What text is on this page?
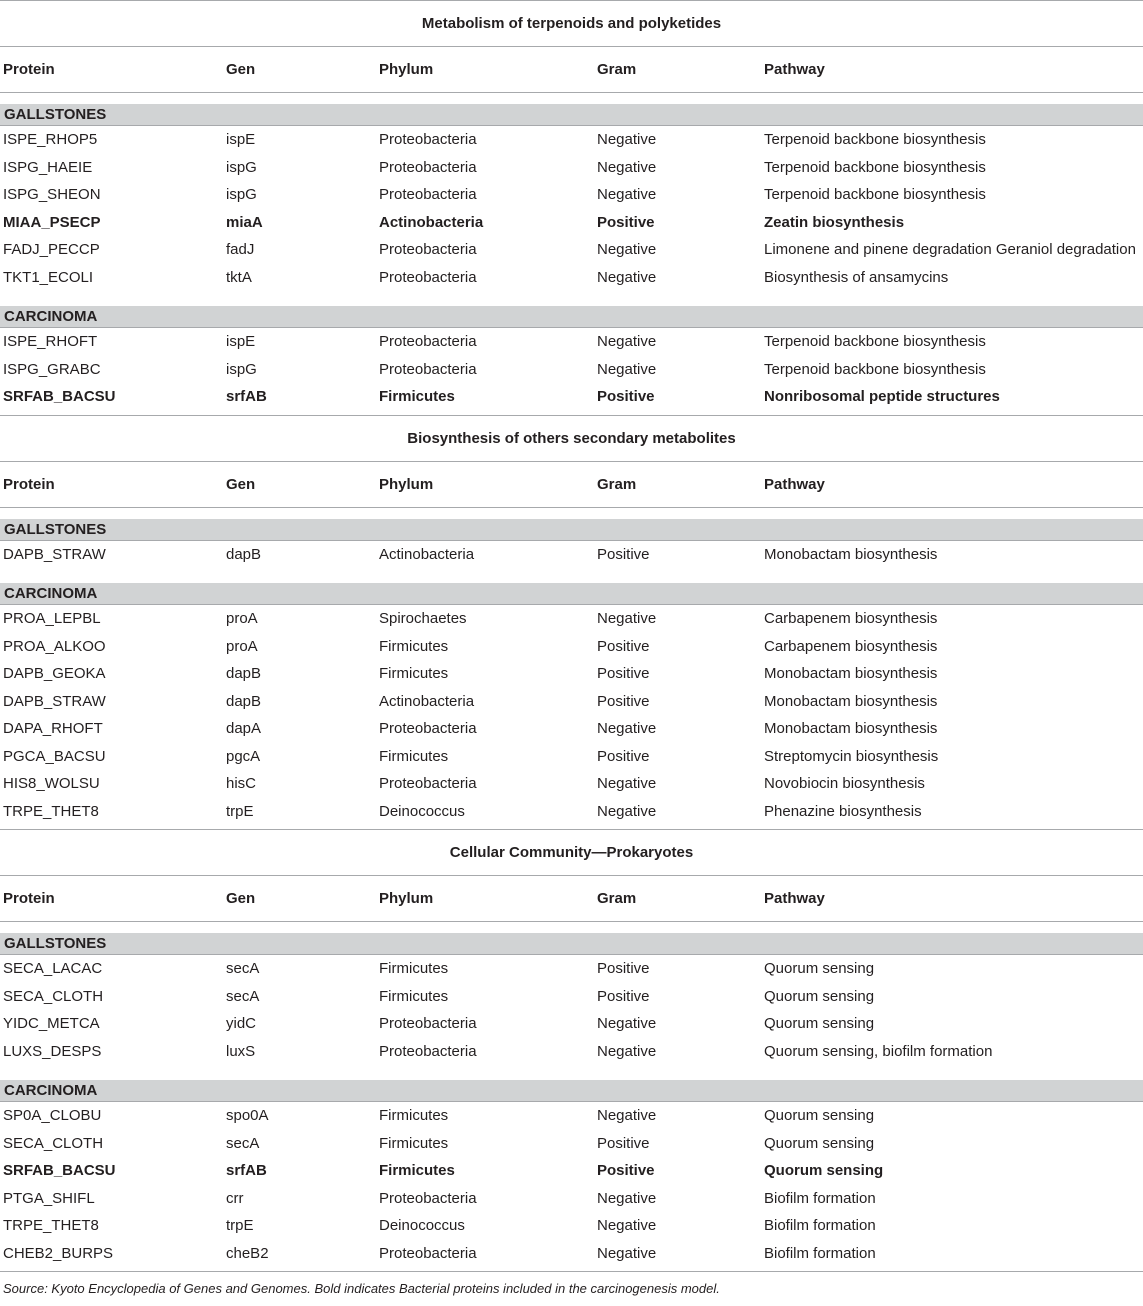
Metabolism of terpenoids and polyketides
Protein	Gen	Phylum	Gram	Pathway
GALLSTONES
ISPE_RHOP5	ispE	Proteobacteria	Negative	Terpenoid backbone biosynthesis
ISPG_HAEIE	ispG	Proteobacteria	Negative	Terpenoid backbone biosynthesis
ISPG_SHEON	ispG	Proteobacteria	Negative	Terpenoid backbone biosynthesis
MIAA_PSECP	miaA	Actinobacteria	Positive	Zeatin biosynthesis
FADJ_PECCP	fadJ	Proteobacteria	Negative	Limonene and pinene degradation Geraniol degradation
TKT1_ECOLI	tktA	Proteobacteria	Negative	Biosynthesis of ansamycins
CARCINOMA
ISPE_RHOFT	ispE	Proteobacteria	Negative	Terpenoid backbone biosynthesis
ISPG_GRABC	ispG	Proteobacteria	Negative	Terpenoid backbone biosynthesis
SRFAB_BACSU	srfAB	Firmicutes	Positive	Nonribosomal peptide structures
Biosynthesis of others secondary metabolites
Protein	Gen	Phylum	Gram	Pathway
GALLSTONES
DAPB_STRAW	dapB	Actinobacteria	Positive	Monobactam biosynthesis
CARCINOMA
PROA_LEPBL	proA	Spirochaetes	Negative	Carbapenem biosynthesis
PROA_ALKOO	proA	Firmicutes	Positive	Carbapenem biosynthesis
DAPB_GEOKA	dapB	Firmicutes	Positive	Monobactam biosynthesis
DAPB_STRAW	dapB	Actinobacteria	Positive	Monobactam biosynthesis
DAPA_RHOFT	dapA	Proteobacteria	Negative	Monobactam biosynthesis
PGCA_BACSU	pgcA	Firmicutes	Positive	Streptomycin biosynthesis
HIS8_WOLSU	hisC	Proteobacteria	Negative	Novobiocin biosynthesis
TRPE_THET8	trpE	Deinococcus	Negative	Phenazine biosynthesis
Cellular Community—Prokaryotes
Protein	Gen	Phylum	Gram	Pathway
GALLSTONES
SECA_LACAC	secA	Firmicutes	Positive	Quorum sensing
SECA_CLOTH	secA	Firmicutes	Positive	Quorum sensing
YIDC_METCA	yidC	Proteobacteria	Negative	Quorum sensing
LUXS_DESPS	luxS	Proteobacteria	Negative	Quorum sensing, biofilm formation
CARCINOMA
SP0A_CLOBU	spo0A	Firmicutes	Negative	Quorum sensing
SECA_CLOTH	secA	Firmicutes	Positive	Quorum sensing
SRFAB_BACSU	srfAB	Firmicutes	Positive	Quorum sensing
PTGA_SHIFL	crr	Proteobacteria	Negative	Biofilm formation
TRPE_THET8	trpE	Deinococcus	Negative	Biofilm formation
CHEB2_BURPS	cheB2	Proteobacteria	Negative	Biofilm formation
Source: Kyoto Encyclopedia of Genes and Genomes. Bold indicates Bacterial proteins included in the carcinogenesis model.
